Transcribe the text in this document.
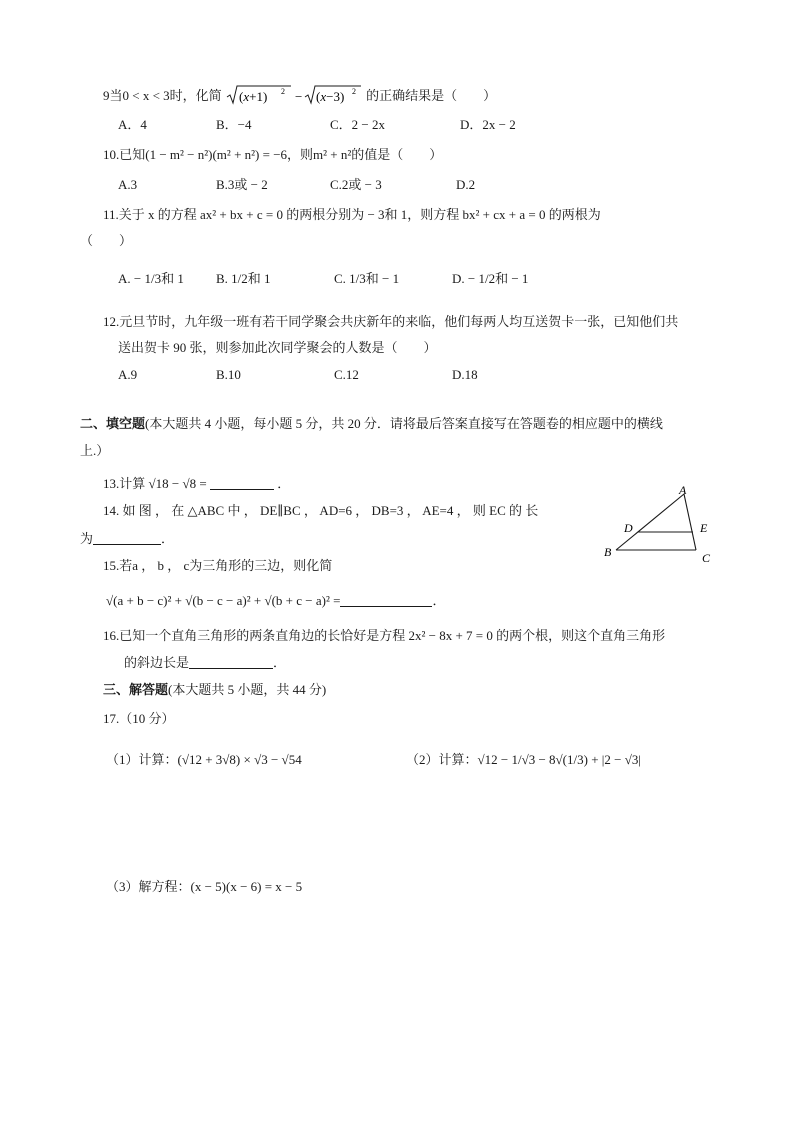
9当0 < x < 3时，化简 (x+1) 2 − (x−3) 2 的正确结果是（　　）
A．4	B．−4	C．2 − 2x	D．2x − 2
10.已知(1 − m² − n²)(m² + n²) = −6，则m² + n²的值是（　　）
A.3	B.3或 − 2	C.2或 − 3	D.2
11.关于 x 的方程 ax² + bx + c = 0 的两根分别为 − 3和 1，则方程 bx² + cx + a = 0 的两根为
（　　）
A. − 1/3和 1 B. 1/2和 1	C. 1/3和 − 1	D. − 1/2和 − 1
12.元旦节时，九年级一班有若干同学聚会共庆新年的来临，他们每两人均互送贺卡一张，已知他们共
送出贺卡 90 张，则参加此次同学聚会的人数是（　　）
A.9	B.10	C.12	D.18
二、填空题(本大题共 4 小题，每小题 5 分，共 20 分．请将最后答案直接写在答题卷的相应题中的横线
上.）
13.计算 √18 − √8 =	．
14. 如 图 ， 在 △ABC 中 ， DE∥BC ， AD=6 ， DB=3 ， AE=4 ， 则 EC 的 长
为	．
A
D	E
B	C
15.若a ， b ， c为三角形的三边，则化简
√(a + b − c)² + √(b − c − a)² + √(b + c − a)² =	．
16.已知一个直角三角形的两条直角边的长恰好是方程 2x² − 8x + 7 = 0 的两个根，则这个直角三角形
的斜边长是	．
三、解答题(本大题共 5 小题，共 44 分)
17.（10 分）
（1）计算：(√12 + 3√8) × √3 − √54	（2）计算：√12 − 1/√3 − 8√(1/3) + |2 − √3|
（3）解方程：(x − 5)(x − 6) = x − 5
